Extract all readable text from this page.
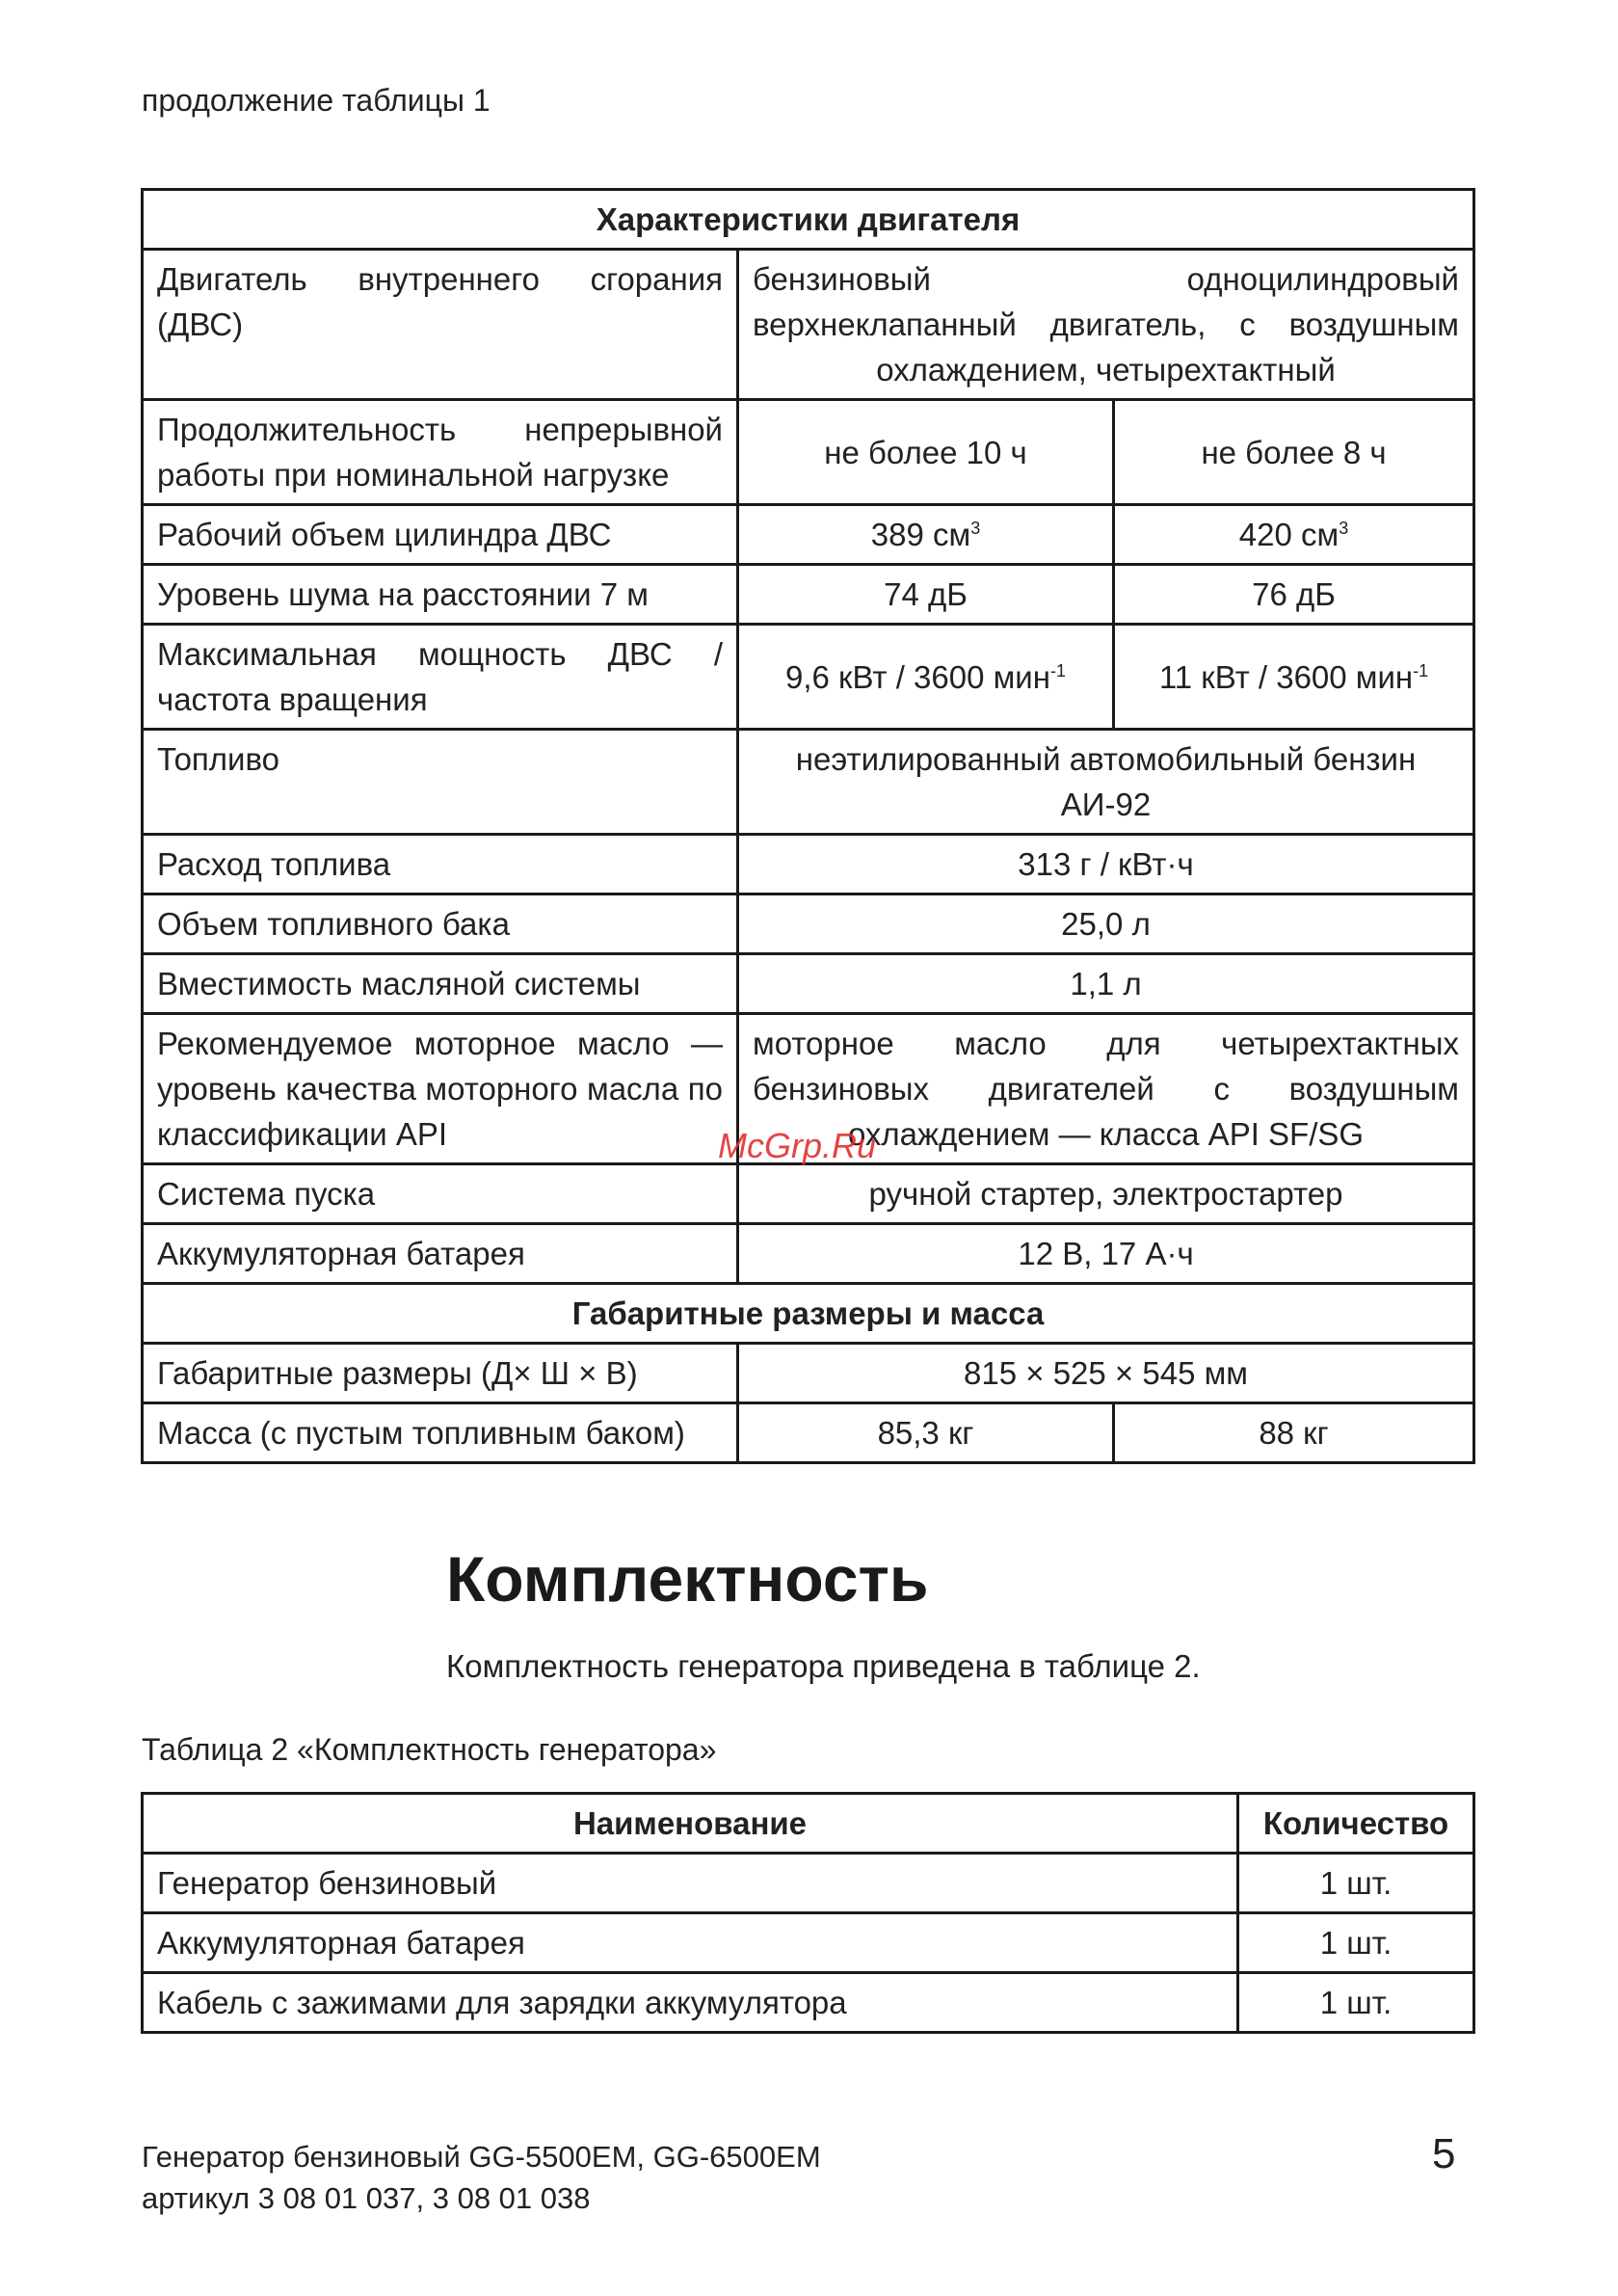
продолжение таблицы 1
Характеристики двигателя		
Двигатель внутреннего сгорания (ДВС)	бензиновый одноцилиндровый верхнеклапанный двигатель, с воздушным охлаждением, четырехтактный	
Продолжительность непрерывной работы при номинальной нагрузке	не более 10 ч	не более 8 ч
Рабочий объем цилиндра ДВС	389 $см^3$	420 $см^3$
Уровень шума на расстоянии 7 м	74 дБ	76 дБ
Максимальная мощность ДВС / частота вращения	9,6 кВт / 3600 мин$^{-1}$	11 кВт / 3600 мин$^{-1}$
Топливо	неэтилированный автомобильный бензин АИ-92	
Расход топлива	313 г / кВт·ч	
Объем топливного бака	25,0 л	
Вместимость масляной системы	1,1 л	
Рекомендуемое моторное масло — уровень качества моторного масла по классификации API	моторное масло для четырехтактных бензиновых двигателей с воздушным охлаждением — класса API SF/SG	
Система пуска	ручной стартер, электростартер	
Аккумуляторная батарея	12 В, 17 А·ч	
Габаритные размеры и масса		
Габаритные размеры (Д× Ш × В)	815 × 525 × 545 мм	
Масса (с пустым топливным баком)	85,3 кг	88 кг
McGrp.Ru
Комплектность
Комплектность генератора приведена в таблице 2.
Таблица 2 «Комплектность генератора»
Наименование	Количество
Генератор бензиновый	1 шт.
Аккумуляторная батарея	1 шт.
Кабель с зажимами для зарядки аккумулятора	1 шт.
Генератор бензиновый GG-5500EM, GG-6500EM
артикул 3 08 01 037, 3 08 01 038
5
